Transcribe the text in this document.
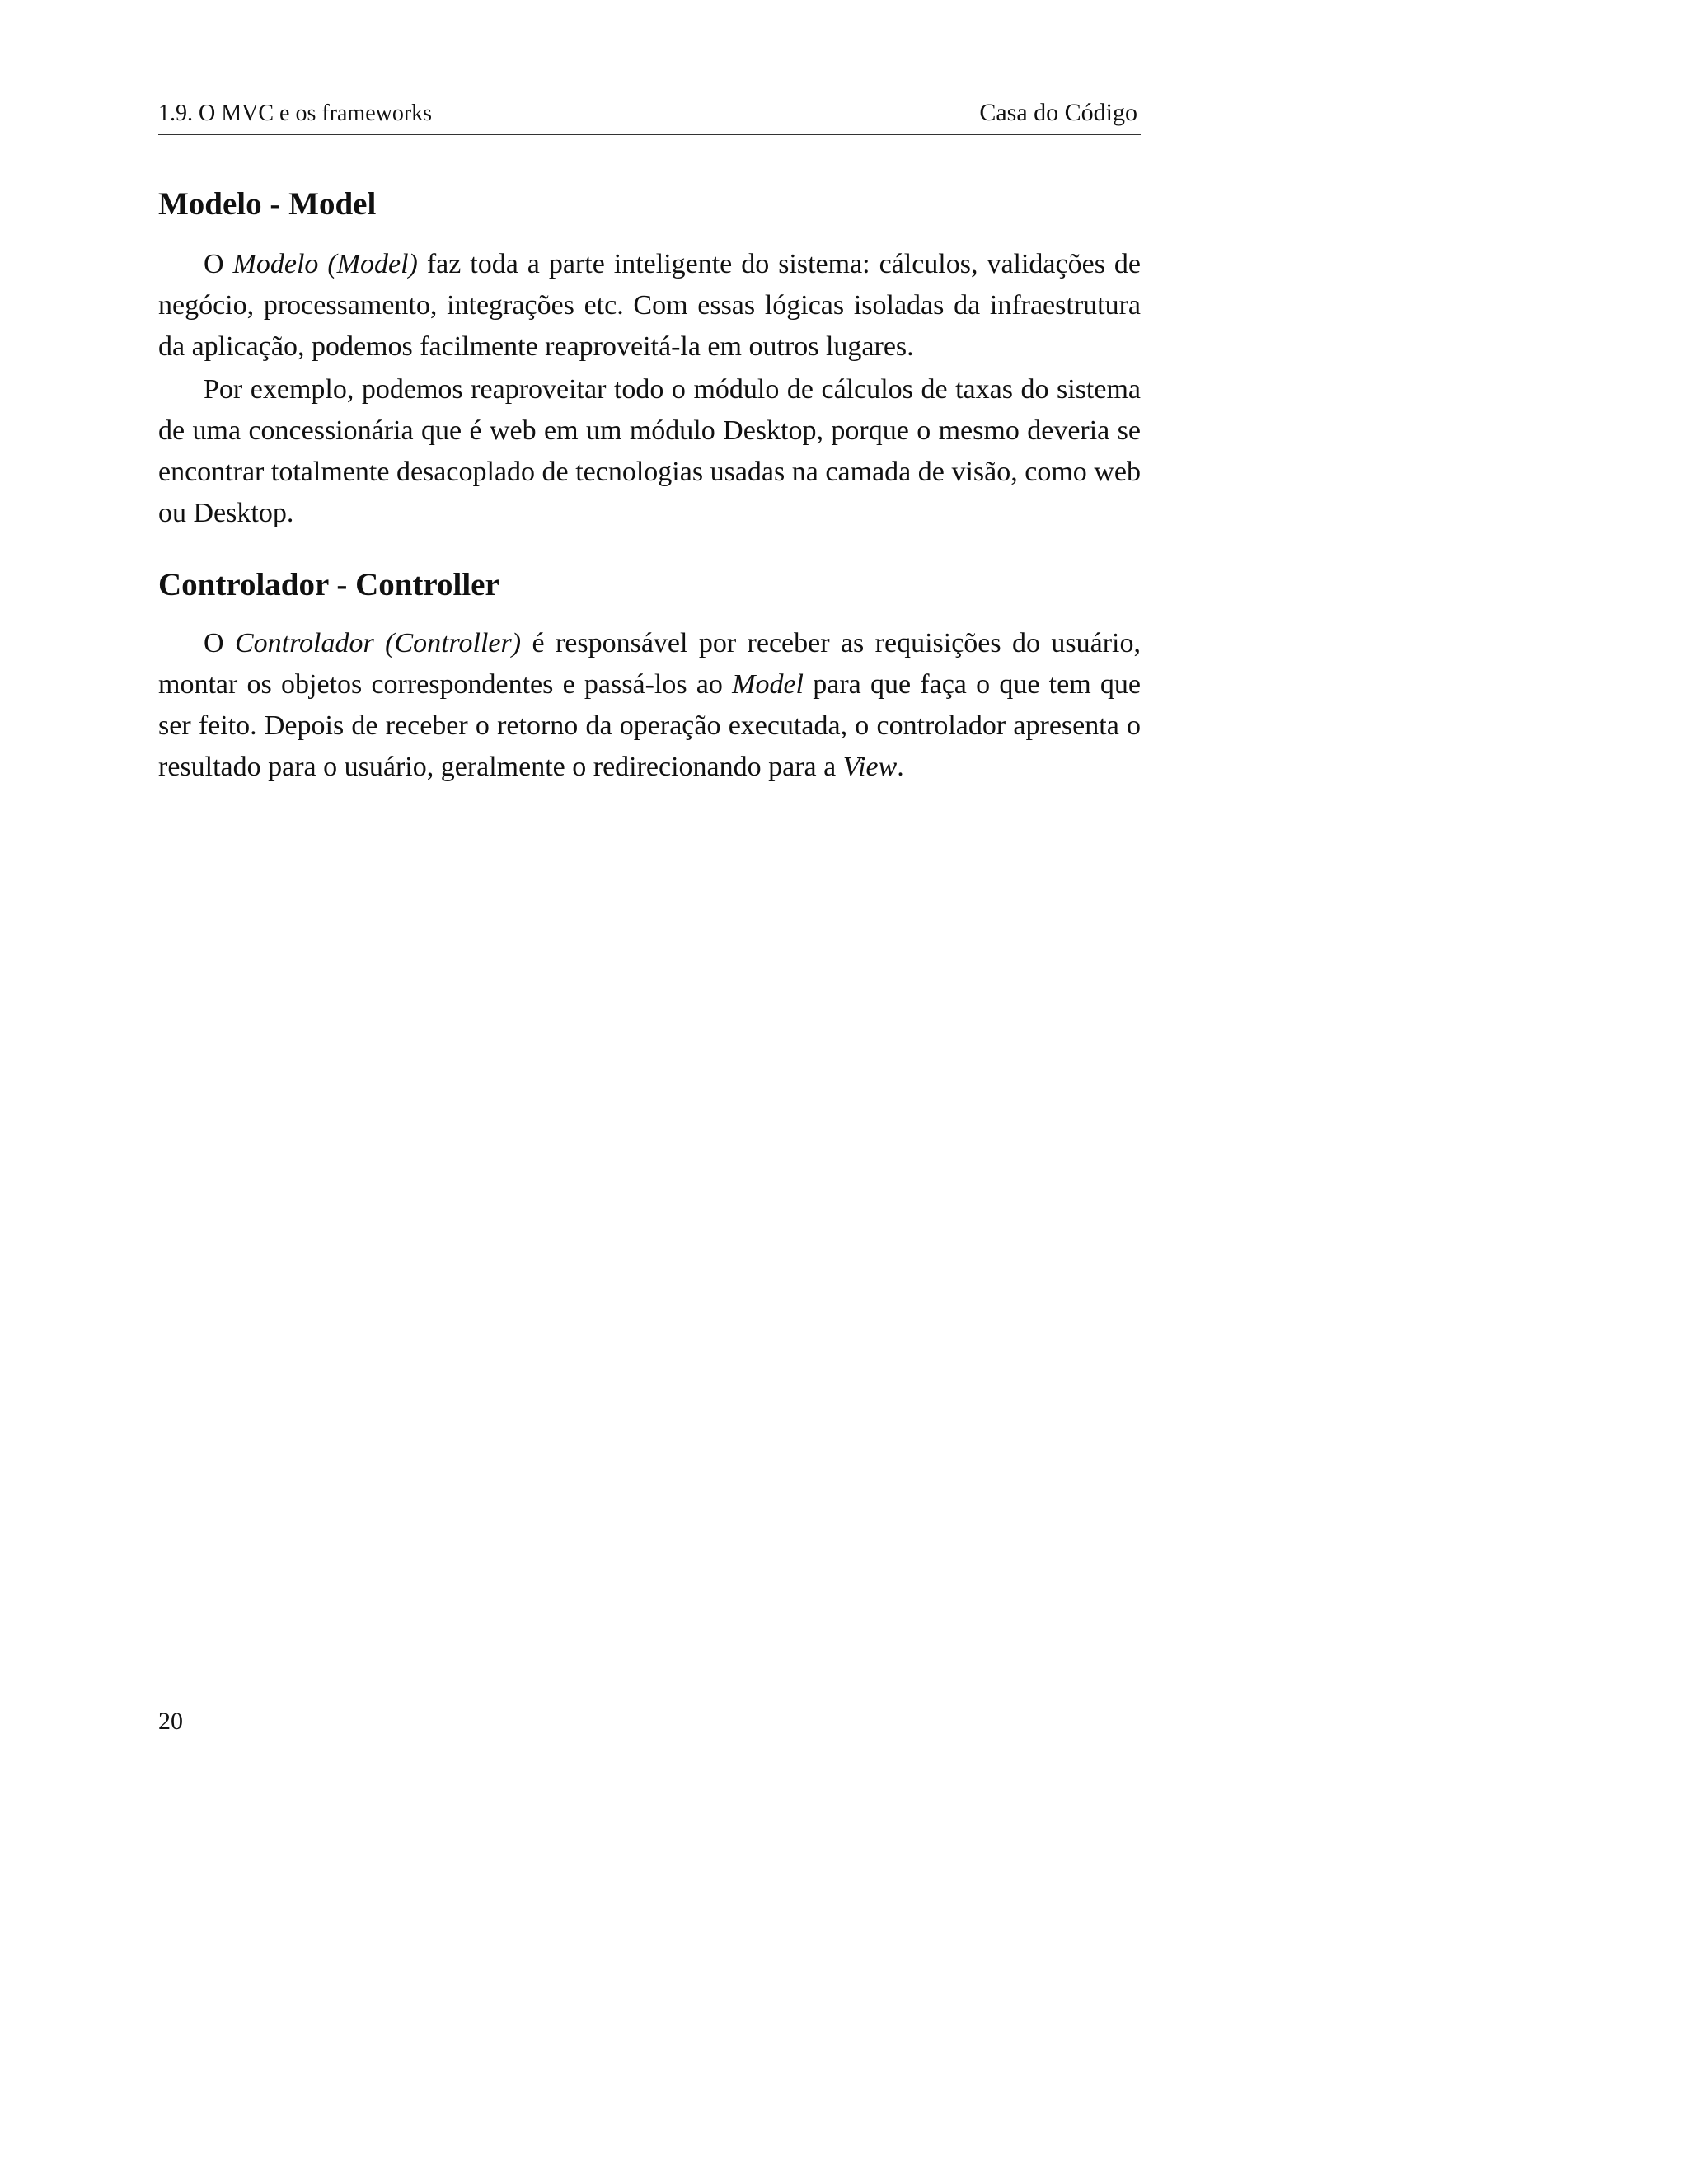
1.9. O MVC e os frameworks	Casa do Código
Modelo - Model

O Modelo (Model) faz toda a parte inteligente do sistema: cálculos, validações de negócio, processamento, integrações etc. Com essas lógicas isoladas da infraestrutura da aplicação, podemos facilmente reaproveitá-la em outros lugares.

Por exemplo, podemos reaproveitar todo o módulo de cálculos de taxas do sistema de uma concessionária que é web em um módulo Desktop, porque o mesmo deveria se encontrar totalmente desacoplado de tecnologias usadas na camada de visão, como web ou Desktop.

Controlador - Controller

O Controlador (Controller) é responsável por receber as requisições do usuário, montar os objetos correspondentes e passá-los ao Model para que faça o que tem que ser feito. Depois de receber o retorno da operação executada, o controlador apresenta o resultado para o usuário, geralmente o redirecionando para a View.

20
